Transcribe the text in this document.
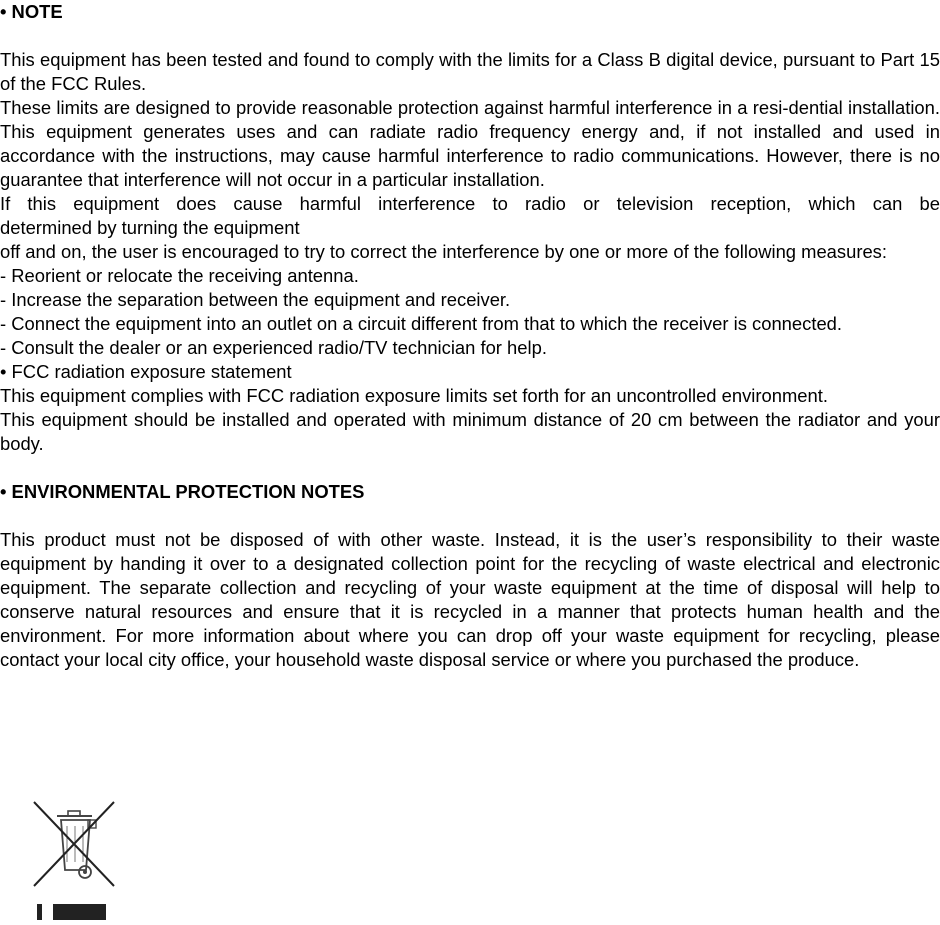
• NOTE

This equipment has been tested and found to comply with the limits for a Class B digital device, pursuant to Part 15 of the FCC Rules.

These limits are designed to provide reasonable protection against harmful interference in a resi-dential installation. This equipment generates uses and can radiate radio frequency energy and, if not installed and used in accordance with the instructions, may cause harmful interference to radio communications. However, there is no guarantee that interference will not occur in a particular installation.

If this equipment does cause harmful interference to radio or television reception, which can be

determined by turning the equipment

off and on, the user is encouraged to try to correct the interference by one or more of the following measures:

- Reorient or relocate the receiving antenna.

- Increase the separation between the equipment and receiver.

- Connect the equipment into an outlet on a circuit different from that to which the receiver is connected.

- Consult the dealer or an experienced radio/TV technician for help.

• FCC radiation exposure statement

This equipment complies with FCC radiation exposure limits set forth for an uncontrolled environment.

This equipment should be installed and operated with minimum distance of 20 cm between the radiator and your body.

• ENVIRONMENTAL PROTECTION NOTES

This product must not be disposed of with other waste. Instead, it is the user’s responsibility to their waste equipment by handing it over to a designated collection point for the recycling of waste electrical and electronic equipment. The separate collection and recycling of your waste equipment at the time of disposal will help to conserve natural resources and ensure that it is recycled in a manner that protects human health and the environment. For more information about where you can drop off your waste equipment for recycling, please contact your local city office, your household waste disposal service or where you purchased the produce.
